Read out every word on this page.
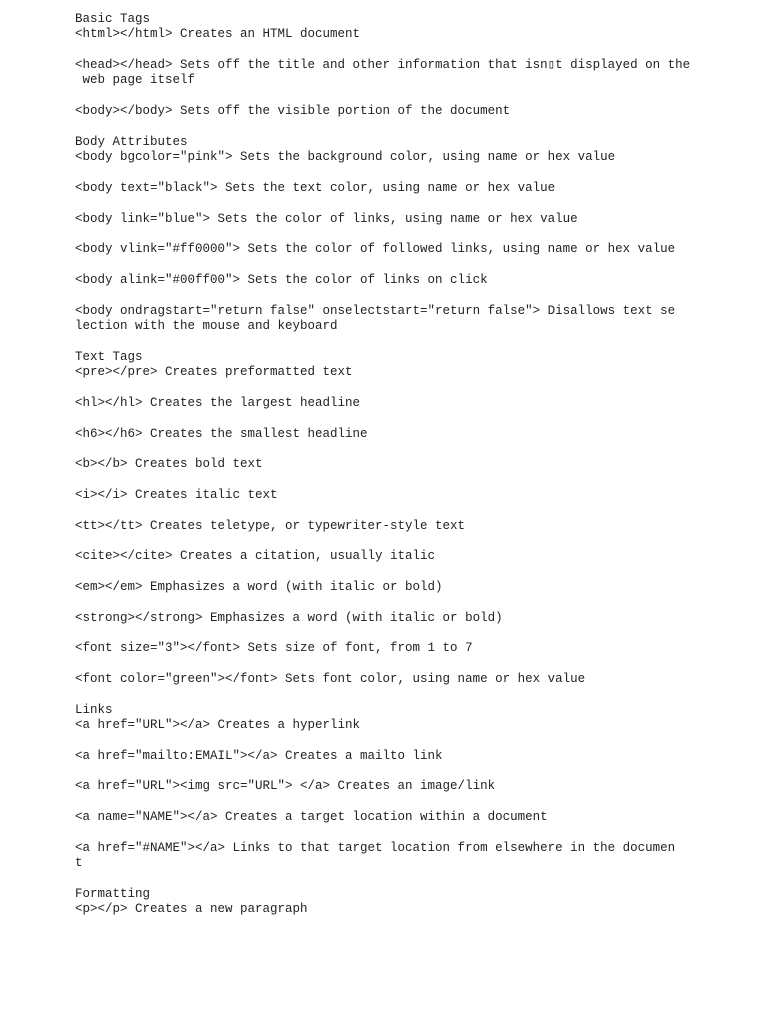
Basic Tags
<html></html> Creates an HTML document
<head></head> Sets off the title and other information that isn▯t displayed on the
web page itself
<body></body> Sets off the visible portion of the document
Body Attributes
<body bgcolor="pink"> Sets the background color, using name or hex value
<body text="black"> Sets the text color, using name or hex value
<body link="blue"> Sets the color of links, using name or hex value
<body vlink="#ff0000"> Sets the color of followed links, using name or hex value
<body alink="#00ff00"> Sets the color of links on click
<body ondragstart="return false" onselectstart="return false"> Disallows text se
lection with the mouse and keyboard
Text Tags
<pre></pre> Creates preformatted text
<hl></hl> Creates the largest headline
<h6></h6> Creates the smallest headline
<b></b> Creates bold text
<i></i> Creates italic text
<tt></tt> Creates teletype, or typewriter-style text
<cite></cite> Creates a citation, usually italic
<em></em> Emphasizes a word (with italic or bold)
<strong></strong> Emphasizes a word (with italic or bold)
<font size="3"></font> Sets size of font, from 1 to 7
<font color="green"></font> Sets font color, using name or hex value
Links
<a href="URL"></a> Creates a hyperlink
<a href="mailto:EMAIL"></a> Creates a mailto link
<a href="URL"><img src="URL"> </a> Creates an image/link
<a name="NAME"></a> Creates a target location within a document
<a href="#NAME"></a> Links to that target location from elsewhere in the documen
t
Formatting
<p></p> Creates a new paragraph
